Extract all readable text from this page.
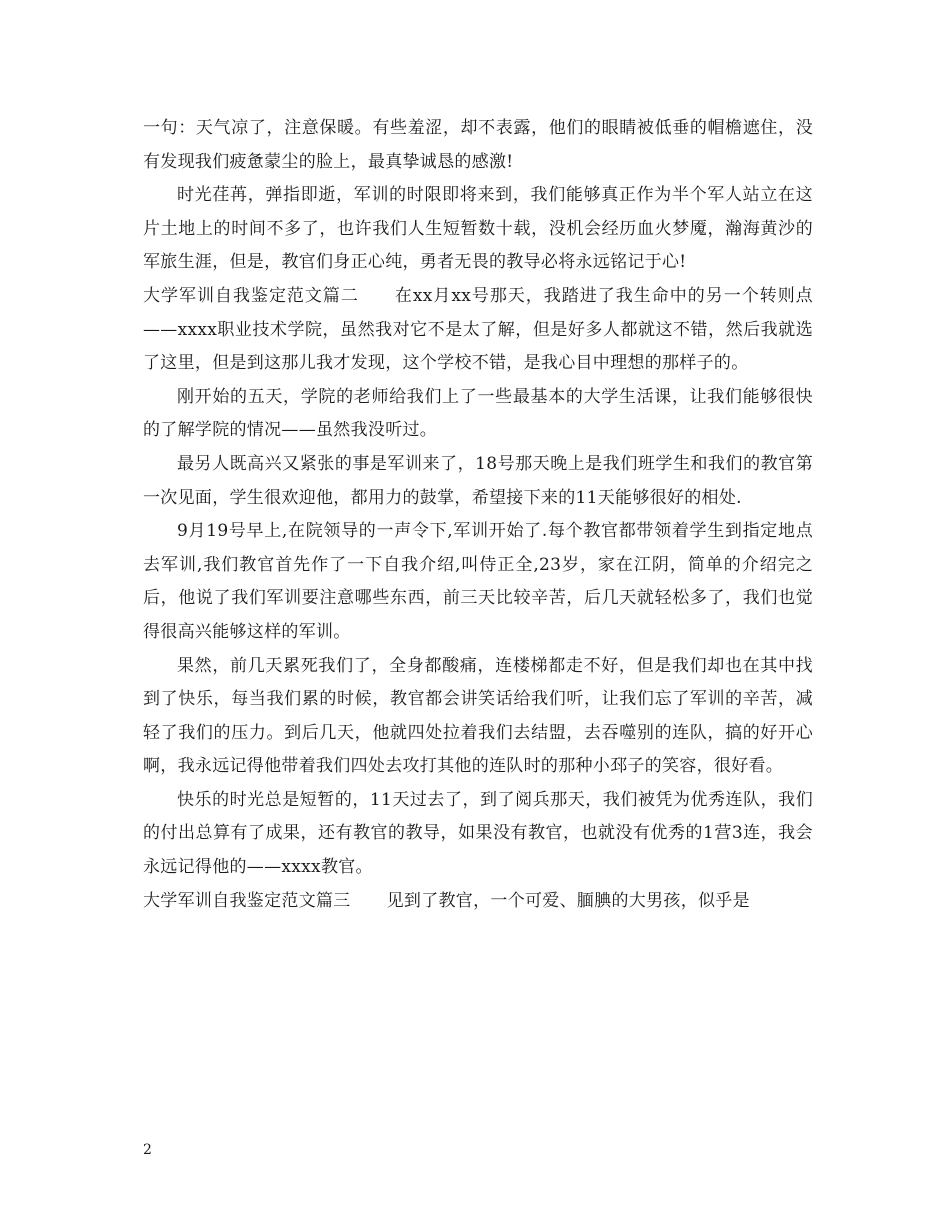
一句：天气凉了，注意保暖。有些羞涩，却不表露，他们的眼睛被低垂的帽檐遮住，没有发现我们疲惫蒙尘的脸上，最真挚诚恳的感激!

时光荏苒，弹指即逝，军训的时限即将来到，我们能够真正作为半个军人站立在这片土地上的时间不多了，也许我们人生短暂数十载，没机会经历血火梦魇，瀚海黄沙的军旅生涯，但是，教官们身正心纯，勇者无畏的教导必将永远铭记于心!

大学军训自我鉴定范文篇二 在xx月xx号那天，我踏进了我生命中的另一个转则点——xxxx职业技术学院，虽然我对它不是太了解，但是好多人都就这不错，然后我就选了这里，但是到这那儿我才发现，这个学校不错，是我心目中理想的那样子的。

刚开始的五天，学院的老师给我们上了一些最基本的大学生活课，让我们能够很快的了解学院的情况——虽然我没听过。

最另人既高兴又紧张的事是军训来了，18号那天晚上是我们班学生和我们的教官第一次见面，学生很欢迎他，都用力的鼓掌，希望接下来的11天能够很好的相处.

9月19号早上,在院领导的一声令下,军训开始了.每个教官都带领着学生到指定地点去军训,我们教官首先作了一下自我介绍,叫侍正全,23岁，家在江阴，简单的介绍完之后，他说了我们军训要注意哪些东西，前三天比较辛苦，后几天就轻松多了，我们也觉得很高兴能够这样的军训。

果然，前几天累死我们了，全身都酸痛，连楼梯都走不好，但是我们却也在其中找到了快乐，每当我们累的时候，教官都会讲笑话给我们听，让我们忘了军训的辛苦，减轻了我们的压力。到后几天，他就四处拉着我们去结盟，去吞噬别的连队，搞的好开心啊，我永远记得他带着我们四处去攻打其他的连队时的那种小邳子的笑容，很好看。

快乐的时光总是短暂的，11天过去了，到了阅兵那天，我们被凭为优秀连队，我们的付出总算有了成果，还有教官的教导，如果没有教官，也就没有优秀的1营3连，我会永远记得他的——xxxx教官。

大学军训自我鉴定范文篇三 见到了教官，一个可爱、腼腆的大男孩，似乎是

2
